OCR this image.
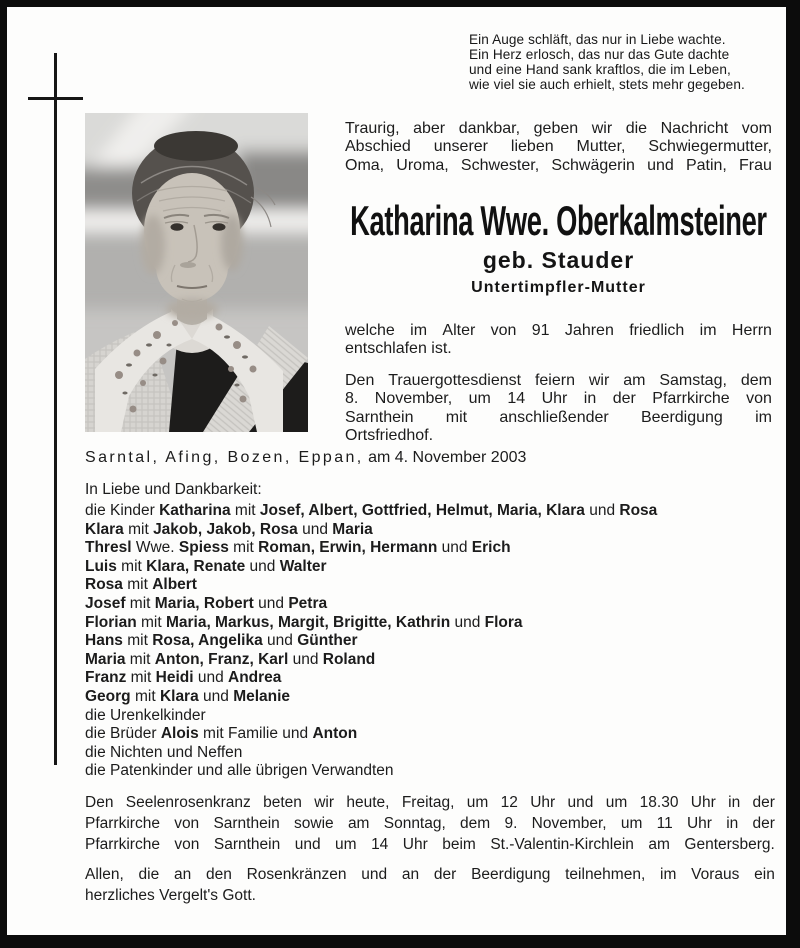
Ein Auge schläft, das nur in Liebe wachte.
Ein Herz erlosch, das nur das Gute dachte
und eine Hand sank kraftlos, die im Leben,
wie viel sie auch erhielt, stets mehr gegeben.
Traurig, aber dankbar, geben wir die Nachricht vom
Abschied unserer lieben Mutter, Schwiegermutter,
Oma, Uroma, Schwester, Schwägerin und Patin, Frau
Katharina Wwe. Oberkalmsteiner
geb. Stauder
Untertimpfler-Mutter
welche im Alter von 91 Jahren friedlich im Herrn
entschlafen ist.
Den Trauergottesdienst feiern wir am Samstag, dem
8. November, um 14 Uhr in der Pfarrkirche von
Sarnthein mit anschließender Beerdigung im
Ortsfriedhof.
Sarntal, Afing, Bozen, Eppan, am 4. November 2003
In Liebe und Dankbarkeit:
die Kinder Katharina mit Josef, Albert, Gottfried, Helmut, Maria, Klara und Rosa
Klara mit Jakob, Jakob, Rosa und Maria
Thresl Wwe. Spiess mit Roman, Erwin, Hermann und Erich
Luis mit Klara, Renate und Walter
Rosa mit Albert
Josef mit Maria, Robert und Petra
Florian mit Maria, Markus, Margit, Brigitte, Kathrin und Flora
Hans mit Rosa, Angelika und Günther
Maria mit Anton, Franz, Karl und Roland
Franz mit Heidi und Andrea
Georg mit Klara und Melanie
die Urenkelkinder
die Brüder Alois mit Familie und Anton
die Nichten und Neffen
die Patenkinder und alle übrigen Verwandten
Den Seelenrosenkranz beten wir heute, Freitag, um 12 Uhr und um 18.30 Uhr in der
Pfarrkirche von Sarnthein sowie am Sonntag, dem 9. November, um 11 Uhr in der
Pfarrkirche von Sarnthein und um 14 Uhr beim St.-Valentin-Kirchlein am Gentersberg.
Allen, die an den Rosenkränzen und an der Beerdigung teilnehmen, im Voraus ein
herzliches Vergelt's Gott.
